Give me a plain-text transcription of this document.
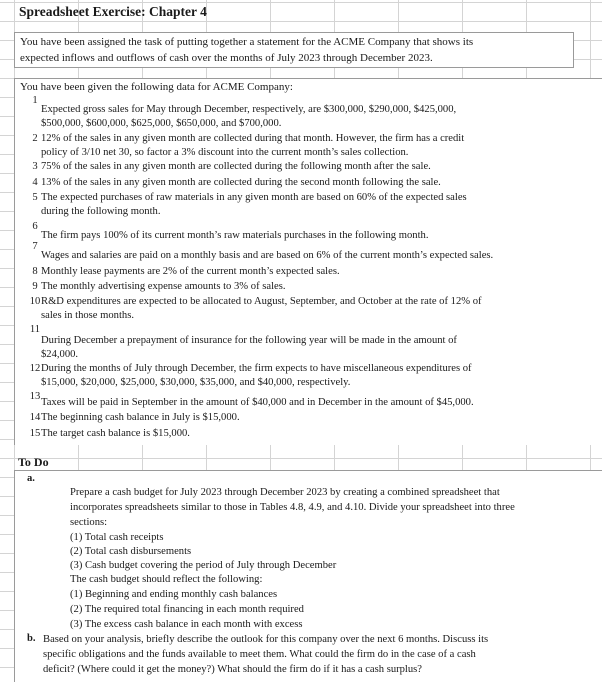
Spreadsheet Exercise: Chapter 4
You have been assigned the task of putting together a statement for the ACME Company that shows its
expected inflows and outflows of cash over the months of July 2023 through December 2023.
You have been given the following data for ACME Company:
1
Expected gross sales for May through December, respectively, are $300,000, $290,000, $425,000,
$500,000, $600,000, $625,000, $650,000, and $700,000.
2 12% of the sales in any given month are collected during that month. However, the firm has a credit
policy of 3/10 net 30, so factor a 3% discount into the current month’s sales collection.
3 75% of the sales in any given month are collected during the following month after the sale.
4 13% of the sales in any given month are collected during the second month following the sale.
5 The expected purchases of raw materials in any given month are based on 60% of the expected sales
during the following month.
6
The firm pays 100% of its current month’s raw materials purchases in the following month.
7
Wages and salaries are paid on a monthly basis and are based on 6% of the current month’s expected sales.
8 Monthly lease payments are 2% of the current month’s expected sales.
9 The monthly advertising expense amounts to 3% of sales.
10 R&D expenditures are expected to be allocated to August, September, and October at the rate of 12% of
sales in those months.
11
During December a prepayment of insurance for the following year will be made in the amount of
$24,000.
12 During the months of July through December, the firm expects to have miscellaneous expenditures of
$15,000, $20,000, $25,000, $30,000, $35,000, and $40,000, respectively.
13
Taxes will be paid in September in the amount of $40,000 and in December in the amount of $45,000.
14 The beginning cash balance in July is $15,000.
15 The target cash balance is $15,000.
To Do
a.
Prepare a cash budget for July 2023 through December 2023 by creating a combined spreadsheet that
incorporates spreadsheets similar to those in Tables 4.8, 4.9, and 4.10. Divide your spreadsheet into three
sections:
(1) Total cash receipts
(2) Total cash disbursements
(3) Cash budget covering the period of July through December
The cash budget should reflect the following:
(1) Beginning and ending monthly cash balances
(2) The required total financing in each month required
(3) The excess cash balance in each month with excess
b. Based on your analysis, briefly describe the outlook for this company over the next 6 months. Discuss its
specific obligations and the funds available to meet them. What could the firm do in the case of a cash
deficit? (Where could it get the money?) What should the firm do if it has a cash surplus?
